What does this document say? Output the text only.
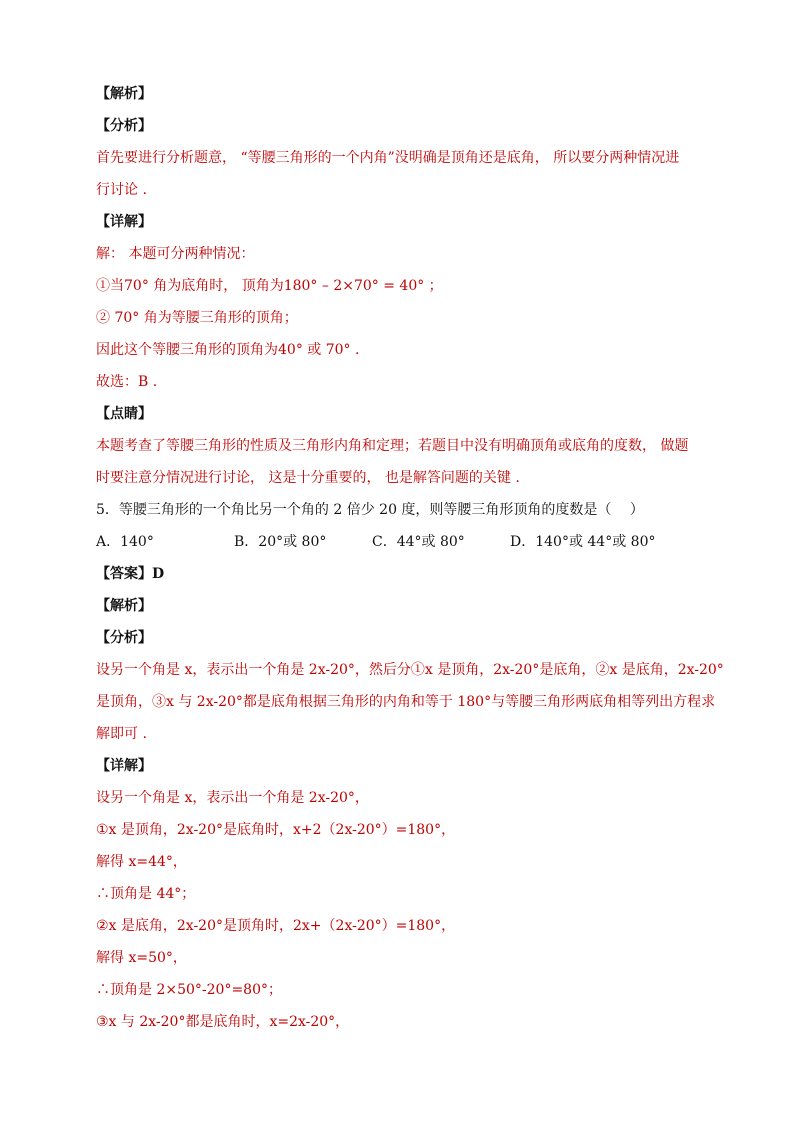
【解析】
【分析】
首先要进行分析题意， “等腰三角形的一个内角”没明确是顶角还是底角， 所以要分两种情况进
行讨论 .
【详解】
解： 本题可分两种情况：
①当70° 角为底角时， 顶角为180° – 2×70° = 40° ；
② 70° 角为等腰三角形的顶角；
因此这个等腰三角形的顶角为40° 或 70° .
故选：B .
【点睛】
本题考查了等腰三角形的性质及三角形内角和定理；若题目中没有明确顶角或底角的度数， 做题
时要注意分情况进行讨论， 这是十分重要的， 也是解答问题的关键 .
5．等腰三角形的一个角比另一个角的 2 倍少 20 度，则等腰三角形顶角的度数是（　 ）
A．140°	B．20°或 80°	C．44°或 80°	D．140°或 44°或 80°
【答案】D
【解析】
【分析】
设另一个角是 x，表示出一个角是 2x-20°，然后分①x 是顶角，2x-20°是底角，②x 是底角，2x-20°
是顶角，③x 与 2x-20°都是底角根据三角形的内角和等于 180°与等腰三角形两底角相等列出方程求
解即可 .
【详解】
设另一个角是 x，表示出一个角是 2x-20°，
①x 是顶角，2x-20°是底角时，x+2（2x-20°）=180°，
解得 x=44°，
∴顶角是 44°；
②x 是底角，2x-20°是顶角时，2x+（2x-20°）=180°，
解得 x=50°，
∴顶角是 2×50°-20°=80°；
③x 与 2x-20°都是底角时，x=2x-20°，
